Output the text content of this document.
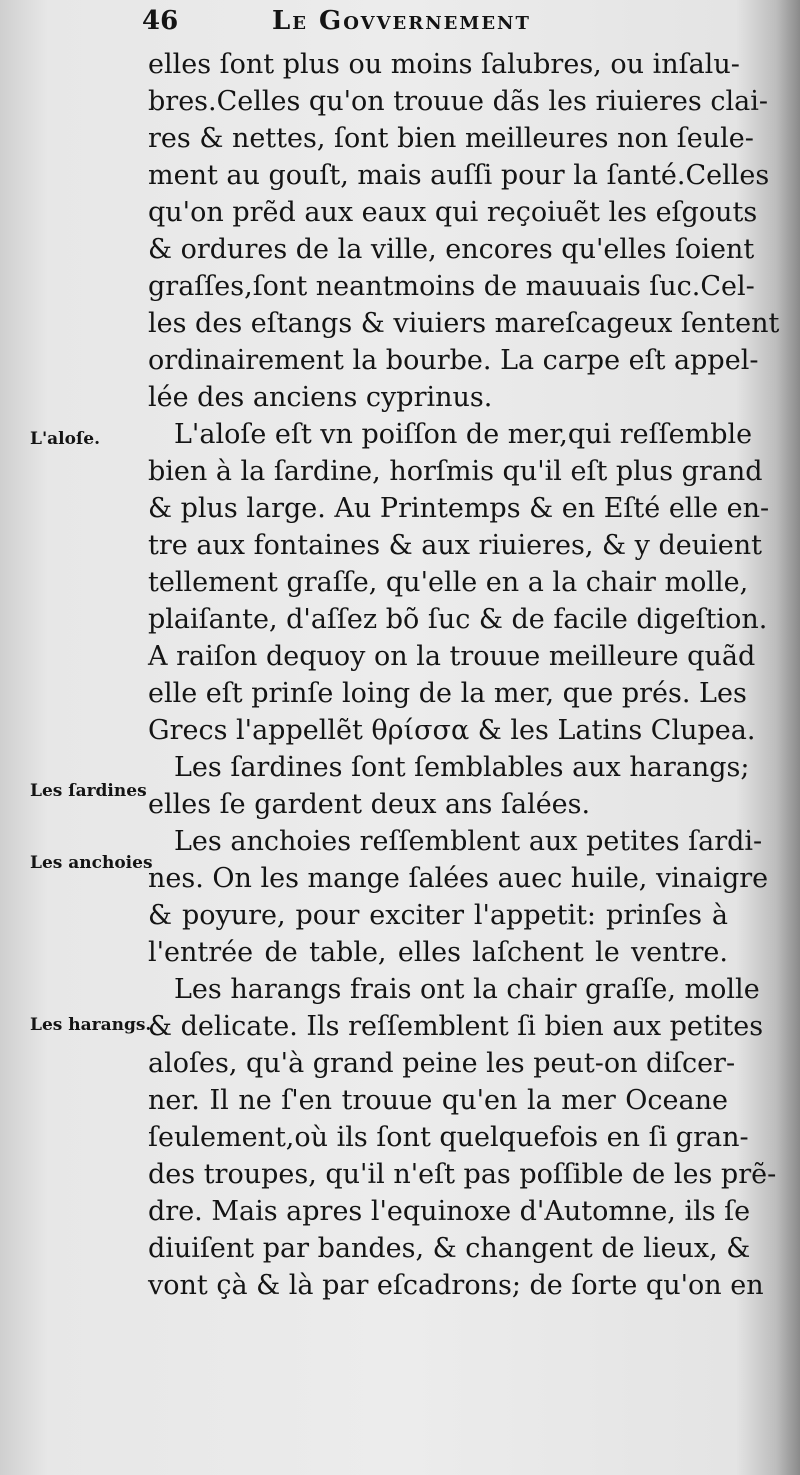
46	Le Govvernement
L'aloſe.
Les ſardines
Les anchoies
Les harangs.
elles ſont plus ou moins ſalubres, ou inſalu-
bres.Celles qu'on trouue dãs les riuieres clai-
res & nettes, ſont bien meilleures non ſeule-
ment au gouſt, mais auſſi pour la ſanté.Celles
qu'on prẽd aux eaux qui reçoiuẽt les eſgouts
& ordures de la ville, encores qu'elles ſoient
graſſes,ſont neantmoins de mauuais ſuc.Cel-
les des eſtangs & viuiers mareſcageux ſentent
ordinairement la bourbe. La carpe eſt appel-
lée des anciens cyprinus.
L'aloſe eſt vn poiſſon de mer,qui reſſemble
bien à la ſardine, horſmis qu'il eſt plus grand
& plus large. Au Printemps & en Eſté elle en-
tre aux fontaines & aux riuieres, & y deuient
tellement graſſe, qu'elle en a la chair molle,
plaiſante, d'aſſez bõ ſuc & de facile digeſtion.
A raiſon dequoy on la trouue meilleure quãd
elle eſt prinſe loing de la mer, que prés. Les
Grecs l'appellẽt θρίσσα & les Latins Clupea.
Les ſardines ſont ſemblables aux harangs;
elles ſe gardent deux ans ſalées.
Les anchoies reſſemblent aux petites ſardi-
nes. On les mange ſalées auec huile, vinaigre
& poyure, pour exciter l'appetit: prinſes à
l'entrée de table, elles laſchent le ventre.
Les harangs frais ont la chair graſſe, molle
& delicate. Ils reſſemblent ſi bien aux petites
aloſes, qu'à grand peine les peut-on diſcer-
ner. Il ne ſ'en trouue qu'en la mer Oceane
ſeulement,où ils ſont quelquefois en ſi gran-
des troupes, qu'il n'eſt pas poſſible de les prẽ-
dre. Mais apres l'equinoxe d'Automne, ils ſe
diuiſent par bandes, & changent de lieux, &
vont çà & là par eſcadrons; de ſorte qu'on en
